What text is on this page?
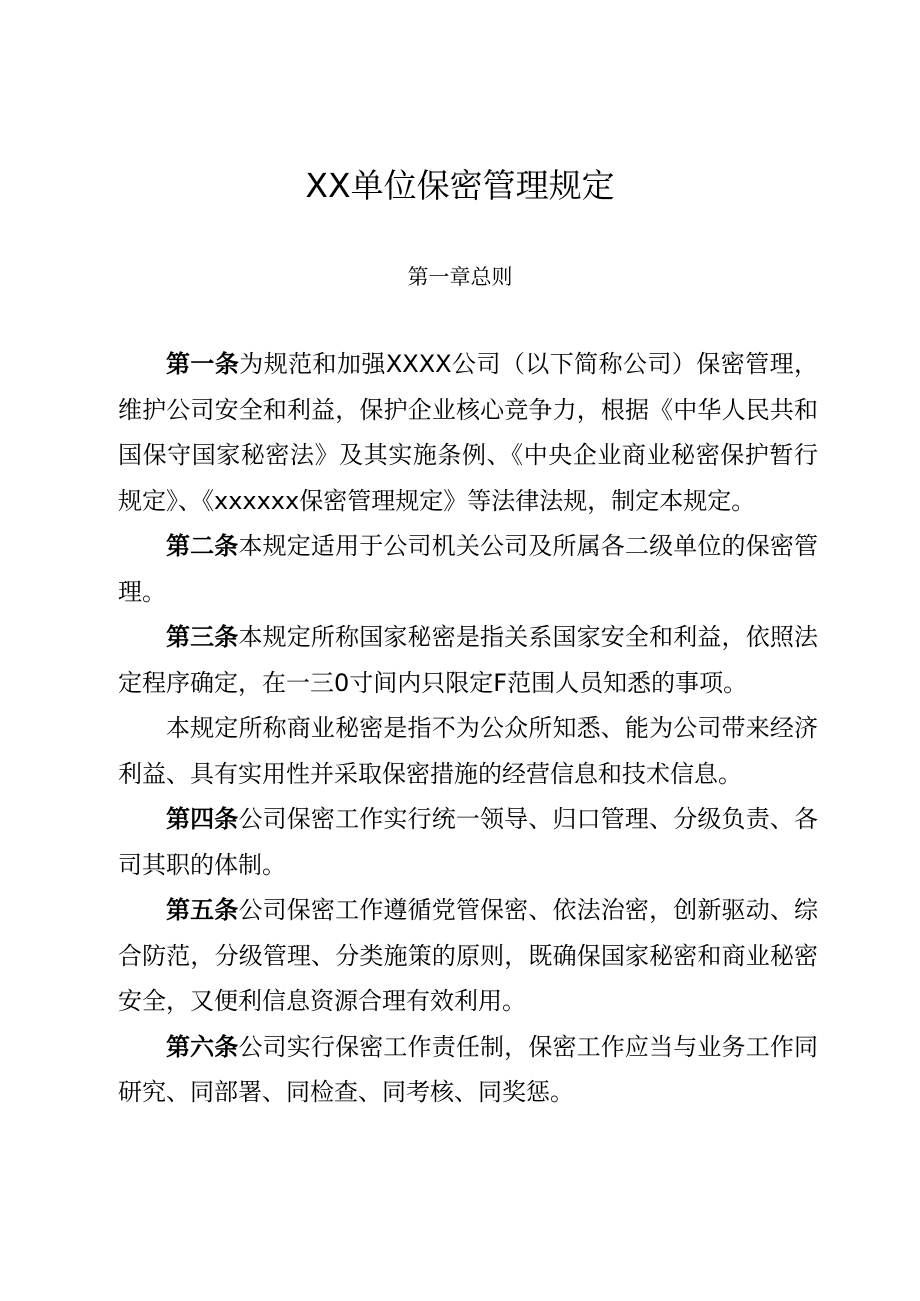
XX单位保密管理规定
第一章总则

第一条为规范和加强XXXX公司（以下简称公司）保密管理，维护公司安全和利益，保护企业核心竞争力，根据《中华人民共和国保守国家秘密法》及其实施条例、《中央企业商业秘密保护暂行规定》、《xxxxxx保密管理规定》等法律法规，制定本规定。

第二条本规定适用于公司机关公司及所属各二级单位的保密管理。

第三条本规定所称国家秘密是指关系国家安全和利益，依照法定程序确定，在一三0寸间内只限定F范围人员知悉的事项。

本规定所称商业秘密是指不为公众所知悉、能为公司带来经济利益、具有实用性并采取保密措施的经营信息和技术信息。

第四条公司保密工作实行统一领导、归口管理、分级负责、各司其职的体制。

第五条公司保密工作遵循党管保密、依法治密，创新驱动、综合防范，分级管理、分类施策的原则，既确保国家秘密和商业秘密安全，又便利信息资源合理有效利用。

第六条公司实行保密工作责任制，保密工作应当与业务工作同研究、同部署、同检查、同考核、同奖惩。
